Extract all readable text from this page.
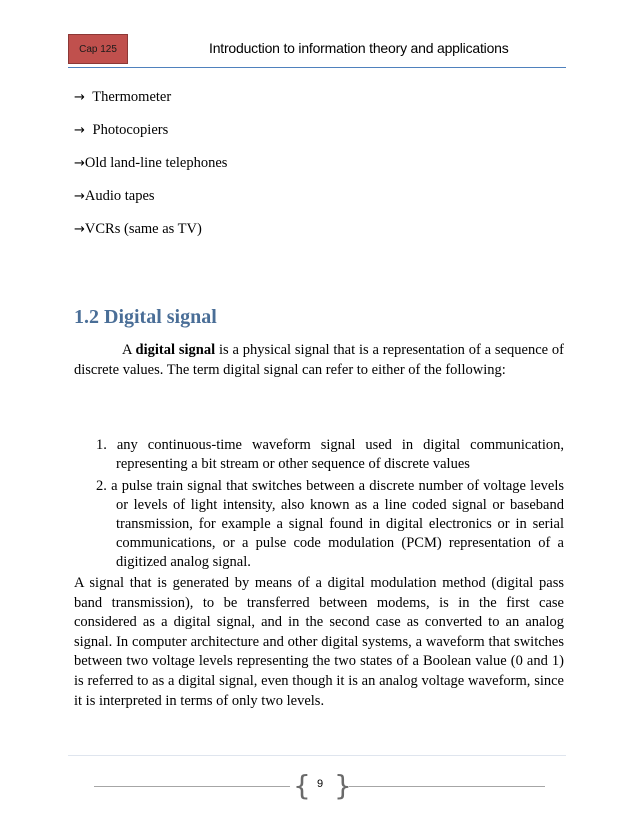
Cap 125	Introduction to information theory and applications
→ Thermometer
→ Photocopiers
→Old land-line telephones
→Audio tapes
→VCRs (same as TV)
1.2 Digital signal

A digital signal is a physical signal that is a representation of a sequence of discrete values. The term digital signal can refer to either of the following:

1. any continuous-time waveform signal used in digital communication, representing a bit stream or other sequence of discrete values
2. a pulse train signal that switches between a discrete number of voltage levels or levels of light intensity, also known as a line coded signal or baseband transmission, for example a signal found in digital electronics or in serial communications, or a pulse code modulation (PCM) representation of a digitized analog signal.

A signal that is generated by means of a digital modulation method (digital pass band transmission), to be transferred between modems, is in the first case considered as a digital signal, and in the second case as converted to an analog signal. In computer architecture and other digital systems, a waveform that switches between two voltage levels representing the two states of a Boolean value (0 and 1) is referred to as a digital signal, even though it is an analog voltage waveform, since it is interpreted in terms of only two levels.

{ 9 }
